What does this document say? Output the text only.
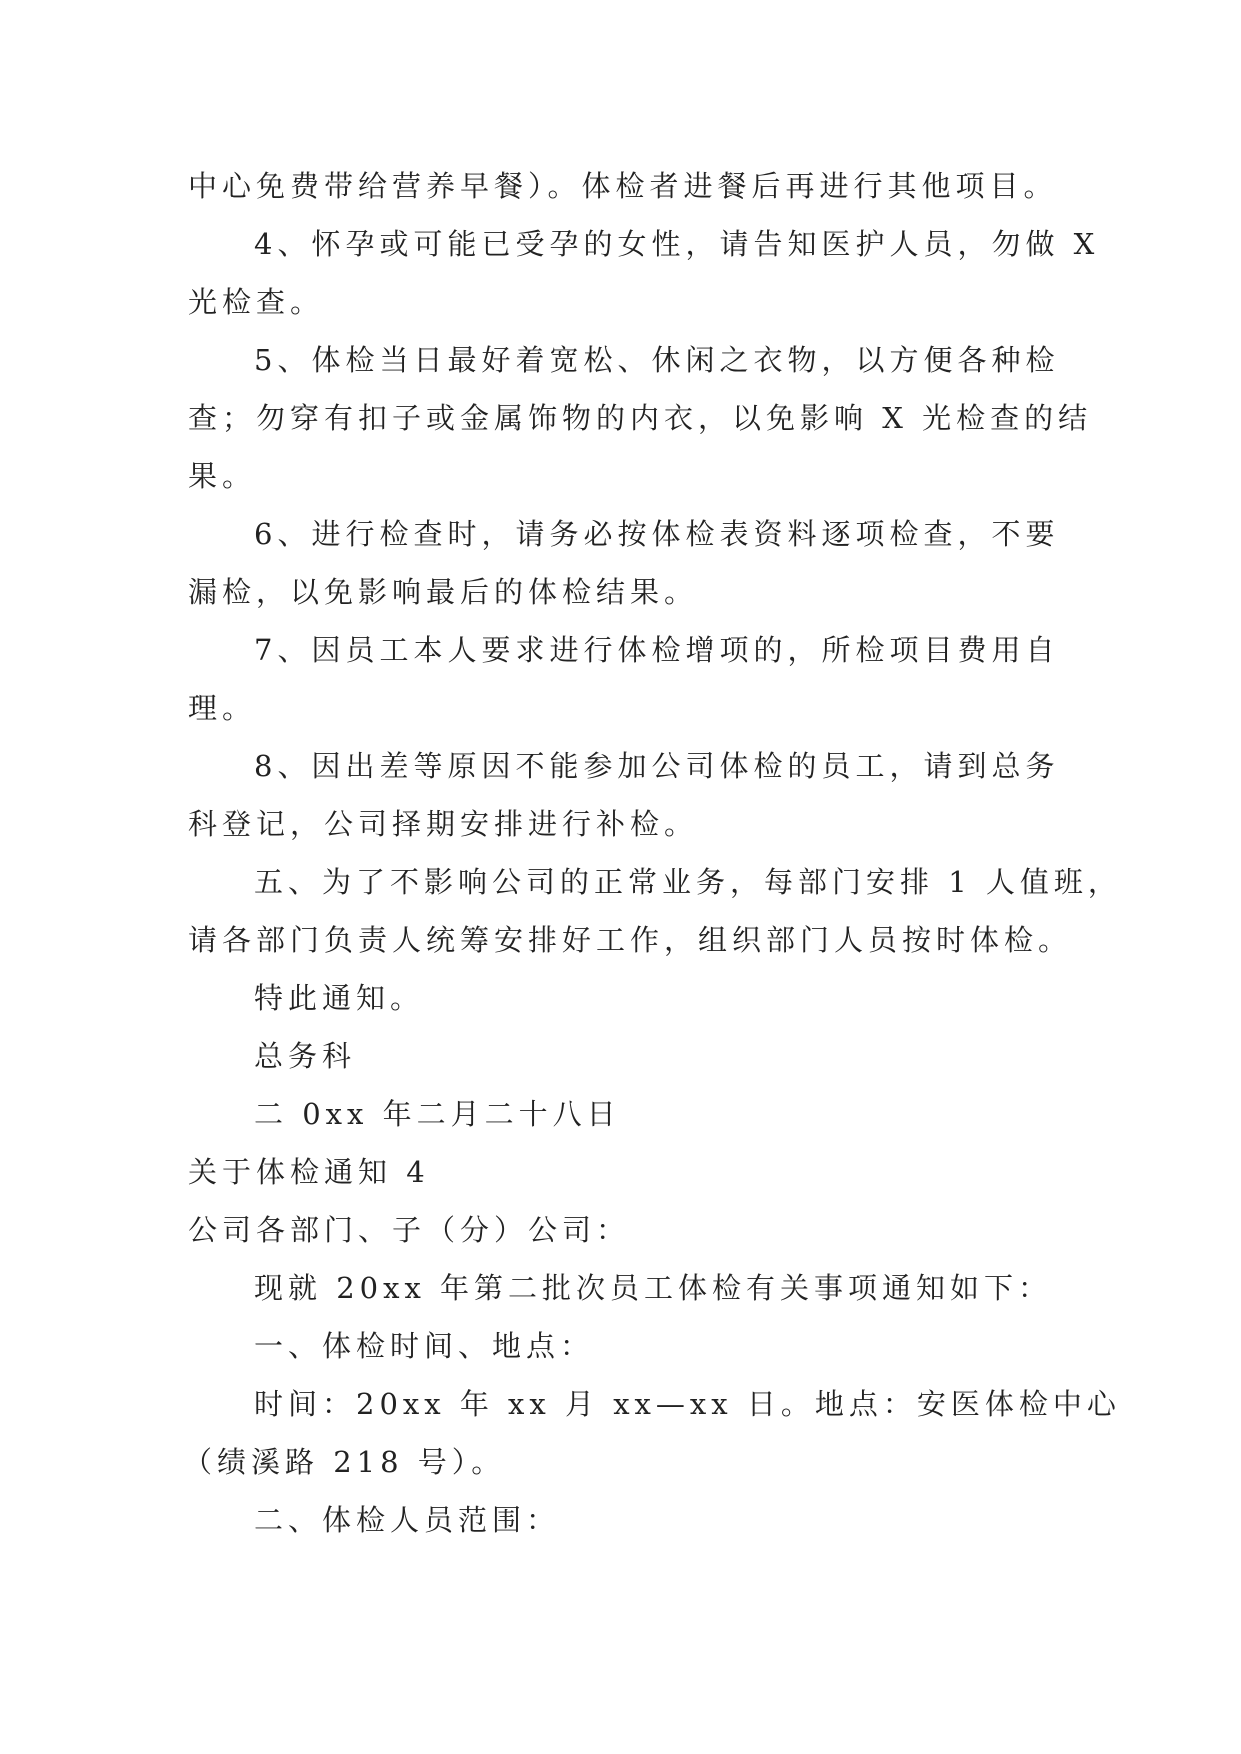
中心免费带给营养早餐）。体检者进餐后再进行其他项目。
4、怀孕或可能已受孕的女性，请告知医护人员，勿做 X
光检查。
5、体检当日最好着宽松、休闲之衣物，以方便各种检
查；勿穿有扣子或金属饰物的内衣，以免影响 X 光检查的结
果。
6、进行检查时，请务必按体检表资料逐项检查，不要
漏检，以免影响最后的体检结果。
7、因员工本人要求进行体检增项的，所检项目费用自
理。
8、因出差等原因不能参加公司体检的员工，请到总务
科登记，公司择期安排进行补检。
五、为了不影响公司的正常业务，每部门安排 1 人值班，
请各部门负责人统筹安排好工作，组织部门人员按时体检。
特此通知。
总务科
二 0xx 年二月二十八日
关于体检通知 4
公司各部门、子（分）公司：
现就 20xx 年第二批次员工体检有关事项通知如下：
一、体检时间、地点：
时间：20xx 年 xx 月 xx—xx 日。地点：安医体检中心
（绩溪路 218 号）。
二、体检人员范围：
